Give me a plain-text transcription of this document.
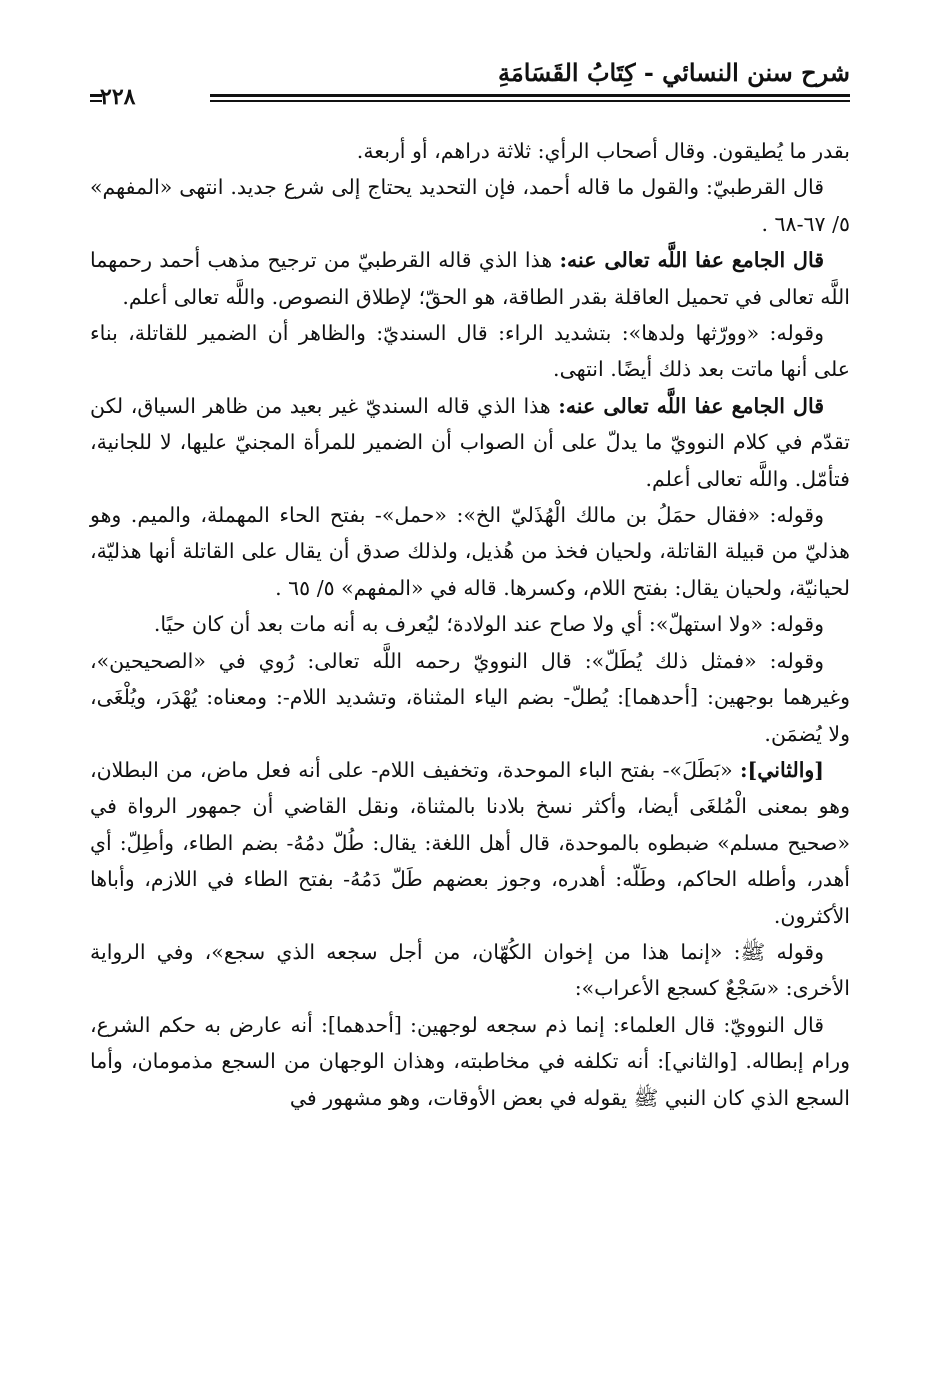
شرح سنن النسائي - كِتَابُ القَسَامَةِ
٢٢٨

بقدر ما يُطيقون. وقال أصحاب الرأي: ثلاثة دراهم، أو أربعة.

قال القرطبيّ: والقول ما قاله أحمد، فإن التحديد يحتاج إلى شرع جديد. انتهى «المفهم» ٥/ ٦٧-٦٨ .

قال الجامع عفا اللَّه تعالى عنه: هذا الذي قاله القرطبيّ من ترجيح مذهب أحمد رحمهما اللَّه تعالى في تحميل العاقلة بقدر الطاقة، هو الحقّ؛ لإطلاق النصوص. واللَّه تعالى أعلم.

وقوله: «وورّثها ولدها»: بتشديد الراء: قال السنديّ: والظاهر أن الضمير للقاتلة، بناء على أنها ماتت بعد ذلك أيضًا. انتهى.

قال الجامع عفا اللَّه تعالى عنه: هذا الذي قاله السنديّ غير بعيد من ظاهر السياق، لكن تقدّم في كلام النوويّ ما يدلّ على أن الصواب أن الضمير للمرأة المجنيّ عليها، لا للجانية، فتأمّل. واللَّه تعالى أعلم.

وقوله: «فقال حمَلُ بن مالك الْهُذَليّ الخ»: «حمل»- بفتح الحاء المهملة، والميم. وهو هذليّ من قبيلة القاتلة، ولحيان فخذ من هُذيل، ولذلك صدق أن يقال على القاتلة أنها هذليّة، لحيانيّة، ولحيان يقال: بفتح اللام، وكسرها. قاله في «المفهم» ٥/ ٦٥ .

وقوله: «ولا استهلّ»: أي ولا صاح عند الولادة؛ ليُعرف به أنه مات بعد أن كان حيًا.

وقوله: «فمثل ذلك يُطَلّ»: قال النوويّ رحمه اللَّه تعالى: رُوي في «الصحيحين»، وغيرهما بوجهين: [أحدهما]: يُطلّ- بضم الياء المثناة، وتشديد اللام-: ومعناه: يُهْدَر، ويُلْغَى، ولا يُضمَن.

[والثاني]: «بَطَلَ»- بفتح الباء الموحدة، وتخفيف اللام- على أنه فعل ماض، من البطلان، وهو بمعنى الْمُلغَى أيضا، وأكثر نسخ بلادنا بالمثناة، ونقل القاضي أن جمهور الرواة في «صحيح مسلم» ضبطوه بالموحدة، قال أهل اللغة: يقال: طُلّ دمُهُ- بضم الطاء، وأطِلّ: أي أهدر، وأطله الحاكم، وطَلّه: أهدره، وجوز بعضهم طَلّ دَمُهُ- بفتح الطاء في اللازم، وأباها الأكثرون.

وقوله ﷺ: «إنما هذا من إخوان الكُهّان، من أجل سجعه الذي سجع»، وفي الرواية الأخرى: «سَجْعٌ كسجع الأعراب»:

قال النوويّ: قال العلماء: إنما ذم سجعه لوجهين: [أحدهما]: أنه عارض به حكم الشرع، ورام إبطاله. [والثاني]: أنه تكلفه في مخاطبته، وهذان الوجهان من السجع مذمومان، وأما السجع الذي كان النبي ﷺ يقوله في بعض الأوقات، وهو مشهور في
